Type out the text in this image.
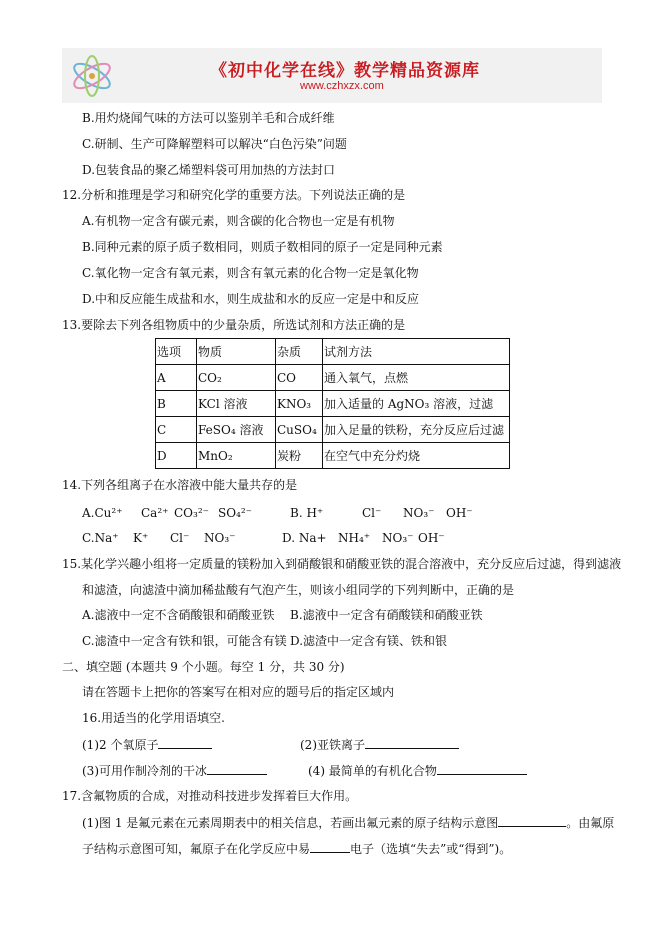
《初中化学在线》教学精品资源库
www.czhxzx.com
B.用灼烧闻气味的方法可以鉴别羊毛和合成纤维
C.研制、生产可降解塑料可以解决“白色污染”问题
D.包装食品的聚乙烯塑料袋可用加热的方法封口
12.分析和推理是学习和研究化学的重要方法。下列说法正确的是
A.有机物一定含有碳元素，则含碳的化合物也一定是有机物
B.同种元素的原子质子数相同，则质子数相同的原子一定是同种元素
C.氧化物一定含有氧元素，则含有氧元素的化合物一定是氧化物
D.中和反应能生成盐和水，则生成盐和水的反应一定是中和反应
13.要除去下列各组物质中的少量杂质，所选试剂和方法正确的是
选项	物质	杂质	试剂方法
A	CO₂	CO	通入氧气，点燃
B	KCl 溶液	KNO₃	加入适量的 AgNO₃ 溶液，过滤
C	FeSO₄ 溶液	CuSO₄	加入足量的铁粉，充分反应后过滤
D	MnO₂	炭粉	在空气中充分灼烧
14.下列各组离子在水溶液中能大量共存的是
A.Cu²⁺ Ca²⁺ CO₃²⁻ SO₄²⁻	B. H⁺	Cl⁻ NO₃⁻ OH⁻
C.Na⁺ K⁺ Cl⁻ NO₃⁻	D. Na+ NH₄⁺ NO₃⁻ OH⁻
15.某化学兴趣小组将一定质量的镁粉加入到硝酸银和硝酸亚铁的混合溶液中，充分反应后过滤，得到滤液
和滤渣，向滤渣中滴加稀盐酸有气泡产生，则该小组同学的下列判断中，正确的是
A.滤液中一定不含硝酸银和硝酸亚铁 B.滤液中一定含有硝酸镁和硝酸亚铁
C.滤渣中一定含有铁和银，可能含有镁 D.滤渣中一定含有镁、铁和银
二、填空题 (本题共 9 个小题。每空 1 分，共 30 分)
请在答题卡上把你的答案写在相对应的题号后的指定区域内
16.用适当的化学用语填空.
(1)2 个氧原子	(2)亚铁离子
(3)可用作制冷剂的干冰	(4) 最简单的有机化合物
17.含氟物质的合成，对推动科技进步发挥着巨大作用。
(1)图 1 是氟元素在元素周期表中的相关信息，若画出氟元素的原子结构示意图	。由氟原
子结构示意图可知，氟原子在化学反应中易	电子（选填“失去”或“得到”)。
